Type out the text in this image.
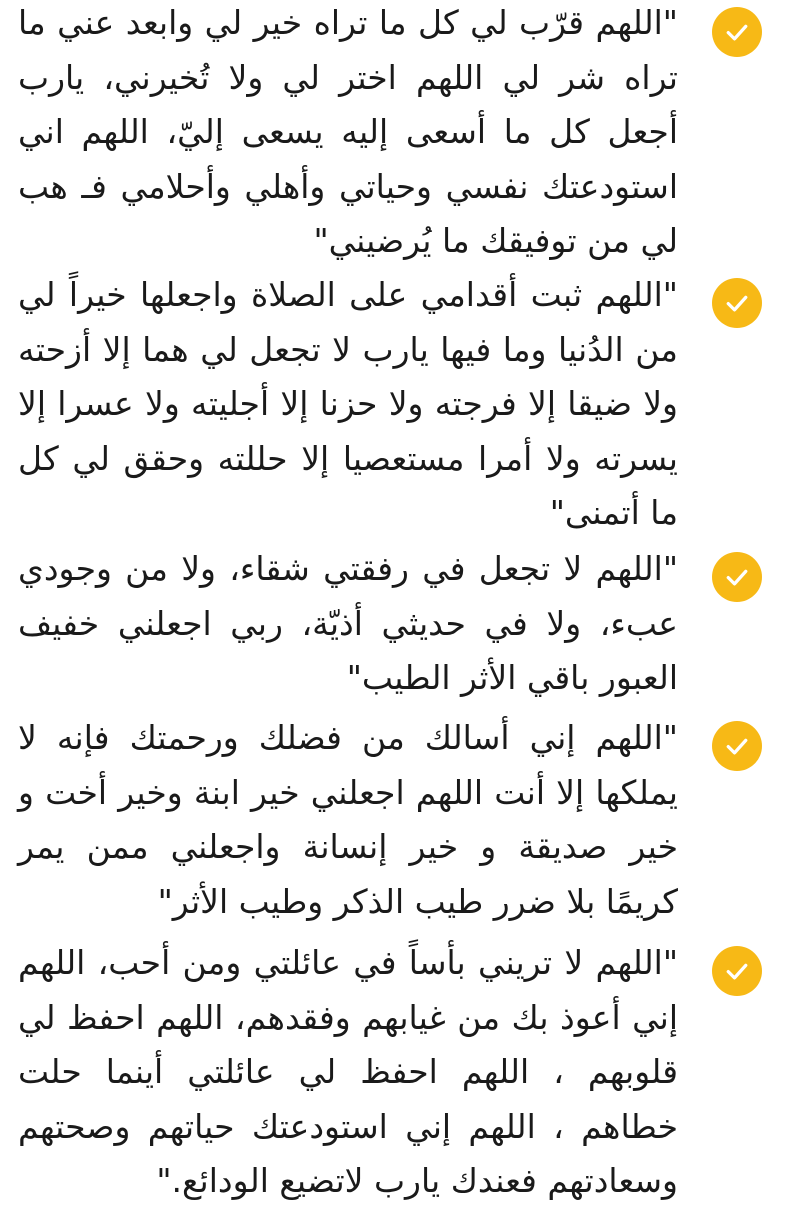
"اللهم قرّب لي كل ما تراه خير لي وابعد عني ما تراه شر لي اللهم اختر لي ولا تُخيرني، يارب أجعل كل ما أسعى إليه يسعى إليّ، اللهم اني استودعتك نفسي وحياتي وأهلي وأحلامي فـ هب لي من توفيقك ما يُرضيني"

"اللهم ثبت أقدامي على الصلاة واجعلها خيراً لي من الدُنيا وما فيها يارب لا تجعل لي هما إلا أزحته ولا ضيقا إلا فرجته ولا حزنا إلا أجليته ولا عسرا إلا يسرته ولا أمرا مستعصيا إلا حللته وحقق لي كل ما أتمنى"

"اللهم لا تجعل في رفقتي شقاء، ولا من وجودي عبء، ولا في حديثي أذيّة، ربي اجعلني خفيف العبور باقي الأثر الطيب"

"اللهم إني أسالك من فضلك ورحمتك فإنه لا يملكها إلا أنت اللهم اجعلني خير ابنة وخير أخت و خير صديقة و خير إنسانة واجعلني ممن يمر كريمًا بلا ضرر طيب الذكر وطيب الأثر"

"اللهم لا تريني بأساً في عائلتي ومن أحب، اللهم إني أعوذ بك من غيابهم وفقدهم، اللهم احفظ لي قلوبهم ، اللهم احفظ لي عائلتي أينما حلت خطاهم ، اللهم إني استودعتك حياتهم وصحتهم وسعادتهم فعندك يارب لاتضيع الودائع."
